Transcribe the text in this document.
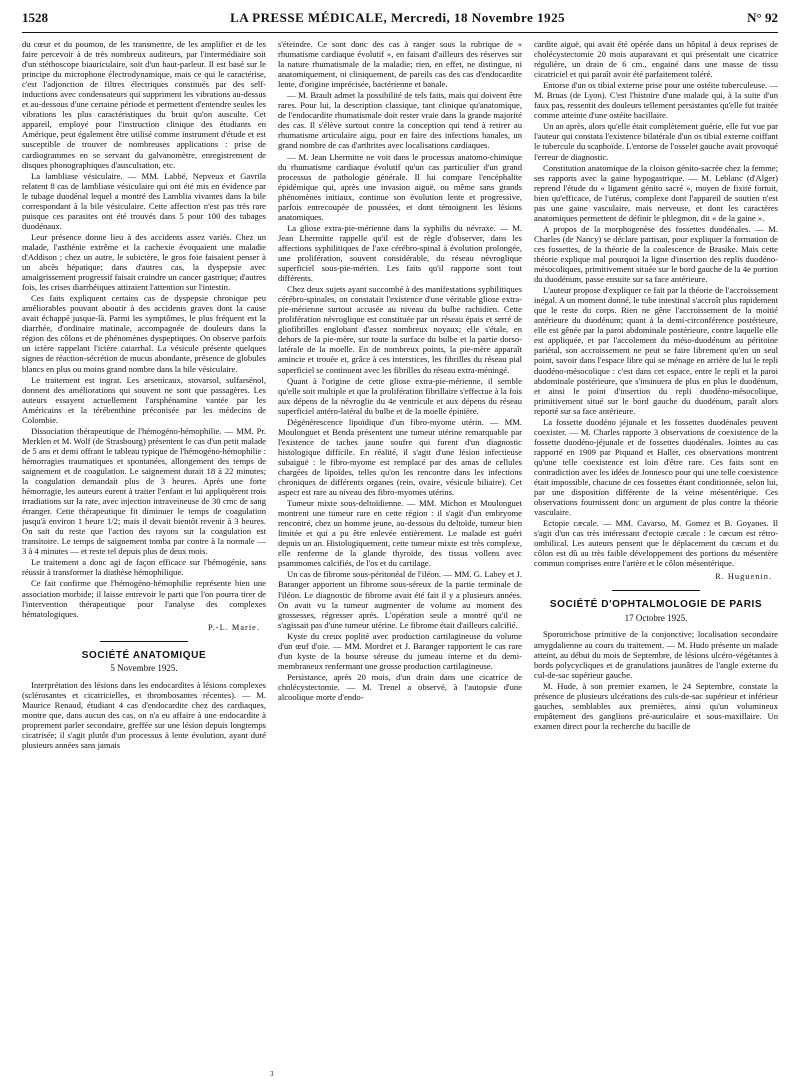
1528	LA PRESSE MÉDICALE, Mercredi, 18 Novembre 1925	N° 92

du cœur et du poumon, de les transmettre, de les amplifier et de les faire percevoir à de très nombreux auditeurs, par l'intermédiaire soit d'un stéthoscope biauriculaire, soit d'un haut-parleur. Il est basé sur le principe du microphone électrodynamique, mais ce qui le caractérise, c'est l'adjonction de filtres électriques constitués par des self-inductions avec condensateurs qui suppriment les vibrations au-dessus et au-dessous d'une certaine période et permettent d'entendre seules les vibrations les plus caractéristiques du bruit qu'on ausculte. Cet appareil, employé pour l'instruction clinique des étudiants en Amérique, peut également être utilisé comme instrument d'étude et est susceptible de trouver de nombreuses applications : prise de cardiogrammes en se servant du galvanomètre, enregistrement de disques phonographiques d'auscultation, etc.

La lambliase vésiculaire. — MM. Labbé, Nepveux et Gavrila relatent 8 cas de lambliase vésiculaire qui ont été mis en évidence par le tubage duodénal lequel a montré des Lamblia vivantes dans la bile correspondant à la bile vésiculaire. Cette affection n'est pas très rare puisque ces parasites ont été trouvés dans 5 pour 100 des tubages duodénaux.

Leur présence donne lieu à des accidents assez variés. Chez un malade, l'asthénie extrême et la cachexie évoquaient une maladie d'Addison ; chez un autre, le subictère, le gros foie faisaient penser à un abcès hépatique; dans d'autres cas, la dyspepsie avec amaigrissement progressif faisait craindre un cancer gastrique; d'autres fois, les crises diarrhéiques attiraient l'attention sur l'intestin.

Ces faits expliquent certains cas de dyspepsie chronique peu améliorables pouvant aboutir à des accidents graves dont la cause avait échappé jusque-là. Parmi les symptômes, le plus fréquent est la diarrhée, d'ordinaire matinale, accompagnée de douleurs dans la région des côlons et de phénomènes dyspeptiques. On observe parfois un ictère rappelant l'ictère catarrhal. La vésicule présente quelques signes de réaction-sécrétion de mucus abondante, présence de globules blancs en plus ou moins grand nombre dans la bile vésiculaire.

Le traitement est ingrat. Les arsenicaux, stovarsol, sulfarsénol, donnent des améliorations qui souvent ne sont que passagères. Les auteurs essayent actuellement l'arsphénamine vantée par les Américains et la térébenthine préconisée par les médecins de Colombie.

Dissociation thérapeutique de l'hémogéno-hémophilie. — MM. Pr. Merklen et M. Wolf (de Strasbourg) présentent le cas d'un petit malade de 5 ans et demi offrant le tableau typique de l'hémogéno-hémophilie : hémorragies traumatiques et spontanées, allongement des temps de saignement et de coagulation. Le saignement durait 18 à 22 minutes; la coagulation demandait plus de 3 heures. Après une forte hémorragie, les auteurs eurent à traiter l'enfant et lui appliquèrent trois irradiations sur la rate, avec injection intraveineuse de 30 cmc de sang étranger. Cette thérapeutique fit diminuer le temps de coagulation jusqu'à environ 1 heure 1/2; mais il devait bientôt revenir à 3 heures. On sait du reste que l'action des rayons sur la coagulation est transitoire. Le temps de saignement tomba par contre à la normale — 3 à 4 minutes — et reste tel depuis plus de deux mois.

Le traitement a donc agi de façon efficace sur l'hémogénie, sans réussir à transformer la diathèse hémophilique.

Ce fait confirme que l'hémogéno-hémophilie représente bien une association morbide; il laisse entrevoir le parti que l'on pourra tirer de l'intervention thérapeutique pour l'analyse des complexes hématologiques.

P.-L. Marie.
SOCIÉTÉ ANATOMIQUE
5 Novembre 1925.

Interprétation des lésions dans les endocardites à lésions complexes (sclérosantes et cicatricielles, et thrombosantes récentes). — M. Maurice Renaud, étudiant 4 cas d'endocardite chez des cardiaques, montre que, dans aucun des cas, on n'a eu affaire à une endocardite à proprement parler secondaire, greffée sur une lésion depuis longtemps cicatrisée; il s'agit plutôt d'un processus à lente évolution, ayant duré plusieurs années sans jamais

s'éteindre. Ce sont donc des cas à ranger sous la rubrique de « rhumatisme cardiaque évolutif », en faisant d'ailleurs des réserves sur la nature rhumatismale de la maladie; rien, en effet, ne distingue, ni anatomiquement, ni cliniquement, de pareils cas des cas d'endocardite lente, d'origine imprécisée, bactérienne et banale.

— M. Brault admet la possibilité de tels faits, mais qui doivent être rares. Pour lui, la description classique, tant clinique qu'anatomique, de l'endocardite rhumatismale doit rester vraie dans la grande majorité des cas. Il s'élève surtout contre la conception qui tend à retirer au rhumatisme articulaire aigu, pour en faire des infections banales, un grand nombre de cas d'arthrites avec localisations cardiaques.

— M. Jean Lhermitte ne voit dans le processus anatomo-chimique du rhumatisme cardiaque évolutif qu'un cas particulier d'un grand processus de pathologie générale. Il lui compare l'encéphalite épidémique qui, après une invasion aiguë, ou même sans grands phénomènes initiaux, continue son évolution lente et progressive, parfois entrecoupée de poussées, et dont témoignent les lésions anatomiques.

La gliose extra-pie-mérienne dans la syphilis du névraxe. — M. Jean Lhermitte rappelle qu'il est de règle d'observer, dans les affections syphilitiques de l'axe cérébro-spinal à évolution prolongée, une prolifération, souvent considérable, du réseau névroglique superficiel sous-pie-mérien. Les faits qu'il rapporte sont tout différents.

Chez deux sujets ayant succombé à des manifestations syphilitiques cérébro-spinales, on constatait l'existence d'une véritable gliose extra-pie-mérienne surtout accusée au niveau du bulbe rachidien. Cette prolifération névroglique est constituée par un réseau épais et serré de gliofibrilles englobant d'assez nombreux noyaux; elle s'étale, en dehors de la pie-mère, sur toute la surface du bulbe et la partie dorso-latérale de la moelle. En de nombreux points, la pie-mère apparaît amincie et trouée et, grâce à ces interstices, les fibrilles du réseau pial superficiel se continuent avec les fibrilles du réseau extra-méningé.

Quant à l'origine de cette gliose extra-pie-mérienne, il semble qu'elle soit multiple et que la prolifération fibrillaire s'effectue à la fois aux dépens de la névroglie du 4e ventricule et aux dépens du réseau superficiel antéro-latéral du bulbe et de la moelle épinière.

Dégénérescence lipoïdique d'un fibro-myome utérin. — MM. Moulonguet et Benda présentent une tumeur utérine remarquable par l'existence de taches jaune soufre qui furent d'un diagnostic histologique difficile. En réalité, il s'agit d'une lésion infectieuse subaiguë : le fibro-myome est remplacé par des amas de cellules chargées de lipoïdes, telles qu'on les rencontre dans les infections chroniques de différents organes (rein, ovaire, vésicule biliaire). Cet aspect est rare au niveau des fibro-myomes utérins.

Tumeur mixte sous-deltoïdienne. — MM. Michon et Moulonguet montrent une tumeur rare en cette région : il s'agit d'un embryome rencontré, chez un homme jeune, au-dessous du deltoïde, tumeur bien limitée et qui a pu être enlevée entièrement. Le malade est guéri depuis un an. Histologiquement, cette tumeur mixte est très complexe, elle renferme de la glande thyroïde, des tissus vollens avec psammomes calcifiés, de l'os et du cartilage.

Un cas de fibrome sous-péritonéal de l'iléon. — MM. G. Labey et J. Baranger apportent un fibrome sous-séreux de la partie terminale de l'iléon. Le diagnostic de fibrome avait été fait il y a plusieurs années. On avait vu la tumeur augmenter de volume au moment des grossesses, régresser après. L'opération seule a montré qu'il ne s'agissait pas d'une tumeur utérine. Le fibrome était d'ailleurs calcifié.

Kyste du creux poplité avec production cartilagineuse du volume d'un œuf d'oie. — MM. Mordret et J. Baranger rapportent le cas rare d'un kyste de la bourse séreuse du jumeau interne et du demi-membraneux renfermant une grosse production cartilagineuse.

Persistance, après 20 mois, d'un drain dans une cicatrice de cholécystectomie. — M. Trenel a observé, à l'autopsie d'une alcoolique morte d'endo-

cardite aiguë, qui avait été opérée dans un hôpital à deux reprises de cholécystectomie 20 mois auparavant et qui présentait une cicatrice régulière, un drain de 6 cm., engainé dans une masse de tissu cicatriciel et qui paraît avoir été parfaitement toléré.

Entorse d'un os tibial externe prise pour une ostéite tuberculeuse. — M. Bruas (de Lyon). C'est l'histoire d'une malade qui, à la suite d'un faux pas, ressentit des douleurs tellement persistantes qu'elle fut traitée comme atteinte d'une ostéite bacillaire.

Un an après, alors qu'elle était complètement guérie, elle fut vue par l'auteur qui constata l'existence bilatérale d'un os tibial externe coiffant le tubercule du scaphoïde. L'entorse de l'osselet gauche avait provoqué l'erreur de diagnostic.

Constitution anatomique de la cloison génito-sacrée chez la femme; ses rapports avec la gaine hypogastrique. — M. Leblanc (d'Alger) reprend l'étude du « ligament génito sacré », moyen de fixité fortuit, bien qu'efficace, de l'utérus, complexe dont l'appareil de soutien n'est pas une gaine vasculaire, mais nerveuse, et dont les caractères anatomiques permettent de définir le phlegmon, dit « de la gaine ».

A propos de la morphogenèse des fossettes duodénales. — M. Charles (de Nancy) se déclare partisan, pour expliquer la formation de ces fossettes, de la théorie de la coalescence de Brasike. Mais cette théorie explique mal pourquoi la ligne d'insertion des replis duodéno-mésocoliques, primitivement située sur le bord gauche de la 4e portion du duodénum, passe ensuite sur sa face antérieure.

L'auteur propose d'expliquer ce fait par la théorie de l'accroissement inégal. A un moment donné, le tube intestinal s'accroît plus rapidement que le reste du corps. Rien ne gêne l'accroissement de la moitié antérieure du duodénum; quant à la demi-circonférence postérieure, elle est gênée par la paroi abdominale postérieure, contre laquelle elle est appliquée, et par l'accolement du méso-duodénum au péritoine pariétal, son accroissement ne peut se faire librement qu'en un seul point, savoir dans l'espace libre qui se ménage en arrière de lui le repli duodéno-mésocolique : c'est dans cet espace, entre le repli et la paroi abdominale postérieure, que s'insinuera de plus en plus le duodénum, et ainsi le point d'insertion du repli duodéno-mésocolique, primitivement situé sur le bord gauche du duodénum, paraît alors reporté sur sa face antérieure.

La fossette duodéno jéjunale et les fossettes duodénales peuvent coexister. — M. Charles rapporte 3 observations de coexistence de la fossette duodéno-jéjunale et de fossettes duodénales. Jointes au cas rapporté en 1909 par Piquand et Haller, ces observations montrent qu'une telle coexistence est loin d'être rare. Ces faits sont en contradiction avec les idées de Jonnesco pour qui une telle coexistence était impossible, chacune de ces fossettes étant conditionnée, selon lui, par une disposition différente de la veine mésentérique. Ces observations fournissent donc un argument de plus contre la théorie vasculaire.

Ectopie cæcale. — MM. Cavarso, M. Gomez et B. Goyanes. Il s'agit d'un cas très intéressant d'ectopie cæcale : le cæcum est rétro-ombilical. Les auteurs pensent que le déplacement du cæcum et du côlon est dû au très faible développement des portions du mésentère commun comprises entre l'artère et le côlon mésentérique.

R. Huguenin.
SOCIÉTÉ D'OPHTALMOLOGIE DE PARIS
17 Octobre 1925.

Sporotrichose primitive de la conjonctive; localisation secondaire amygdalienne au cours du traitement. — M. Hudo présente un malade atteint, au début du mois de Septembre, de lésions ulcéro-végétantes à bords polycycliques et de granulations jaunâtres de l'angle externe du cul-de-sac supérieur gauche.

M. Hude, à son premier examen, le 24 Septembre, constate la présence de plusieurs ulcérations des culs-de-sac supérieur et inférieur gauches, semblables aux premières, ainsi qu'un volumineux empâtement des ganglions pré-auriculaire et sous-maxillaire. Un examen direct pour la recherche du bacille de

3
